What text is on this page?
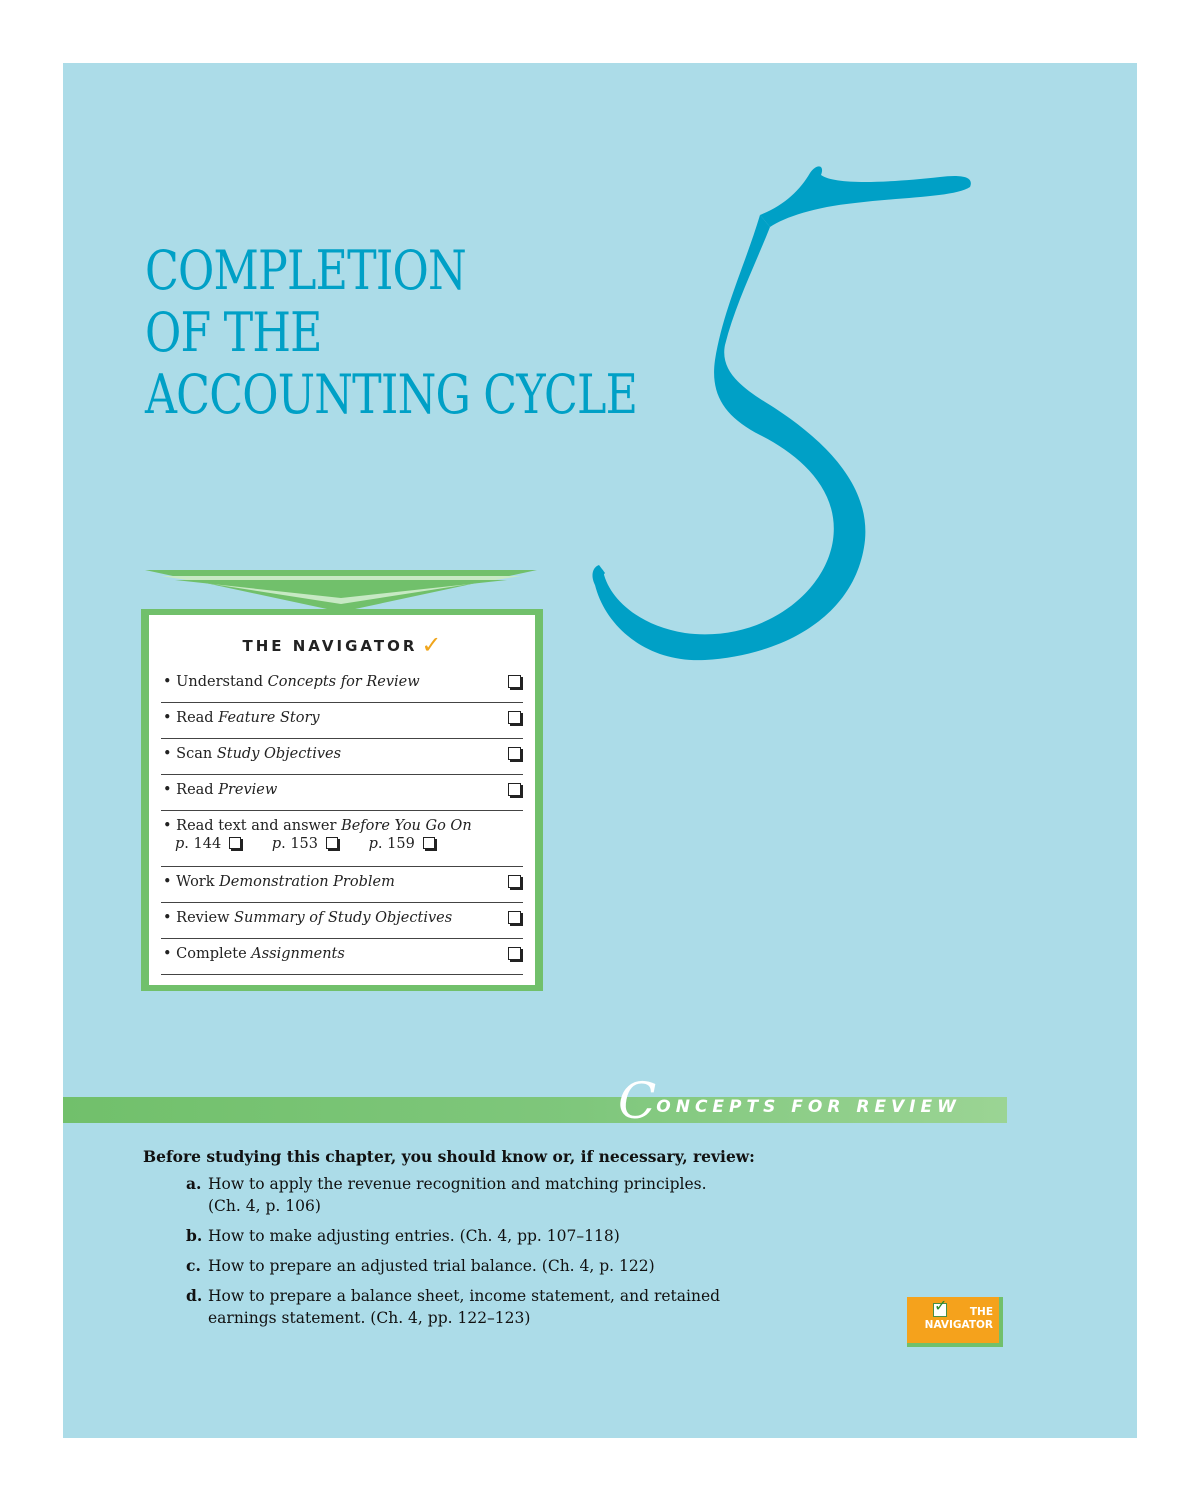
COMPLETION
OF THE
ACCOUNTING CYCLE
THE NAVIGATOR ✓
• Understand Concepts for Review
• Read Feature Story
• Scan Study Objectives
• Read Preview
• Read text and answer Before You Go On
p. 144	p. 153	p. 159
• Work Demonstration Problem
• Review Summary of Study Objectives
• Complete Assignments
CONCEPTS FOR REVIEW
Before studying this chapter, you should know or, if necessary, review:
a. How to apply the revenue recognition and matching principles.
(Ch. 4, p. 106)
b. How to make adjusting entries. (Ch. 4, pp. 107–118)
c. How to prepare an adjusted trial balance. (Ch. 4, p. 122)
d. How to prepare a balance sheet, income statement, and retained
earnings statement. (Ch. 4, pp. 122–123)
✓	THE
NAVIGATOR
